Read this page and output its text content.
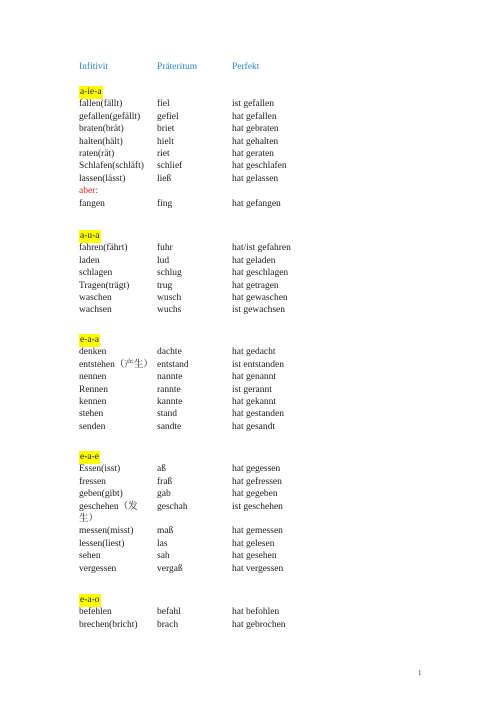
Infitivit	Präteritum	Perfekt
a-ie-a
fallen(fällt)	fiel	ist gefallen
gefallen(gefällt) gefiel	hat gefallen
braten(brät)	briet	hat gebraten
halten(hält)	hielt	hat gehalten
raten(rät)	riet	hat geraten
Schlafen(schläft) schlief	hat geschlafen
lassen(lässt)	ließ	hat gelassen
aber:
fangen	fing	hat gefangen
a-u-a
fahren(fährt)	fuhr	hat/ist gefahren
laden	lud	hat geladen
schlagen	schlug	hat geschlagen
Tragen(trägt)	trug	hat getragen
waschen	wusch	hat gewaschen
wachsen	wuchs	ist gewachsen
e-a-a
denken	dachte	hat gedacht
entstehen（产生） entstand	ist entstanden
nennen	nannte	hat genannt
Rennen	rannte	ist gerannt
kennen	kannte	hat gekannt
stehen	stand	hat gestanden
senden	sandte	hat gesandt
e-a-e
Essen(isst)	aß	hat gegessen
fressen	fraß	hat gefressen
geben(gibt)	gab	hat gegeben
geschehen（发 geschah	ist geschehen
生）
messen(misst) maß	hat gemessen
lessen(liest)	las	hat gelesen
sehen	sah	hat gesehen
vergessen	vergaß	hat vergessen
e-a-o
befehlen	befahl	hat befohlen
brechen(bricht) brach	hat gebrochen
1
